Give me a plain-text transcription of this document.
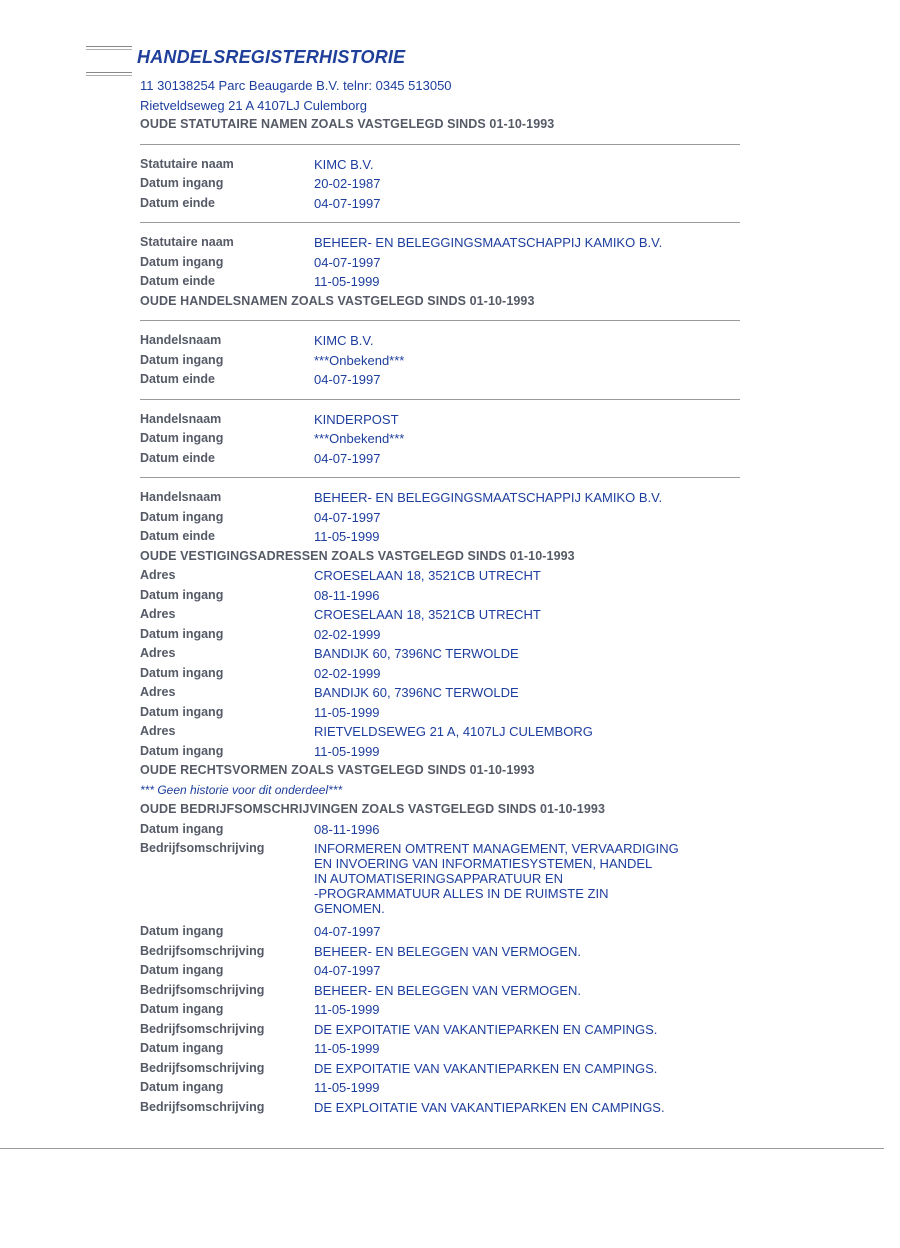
HANDELSREGISTERHISTORIE
11 30138254 Parc Beaugarde B.V. telnr: 0345 513050
Rietveldseweg 21 A 4107LJ Culemborg
OUDE STATUTAIRE NAMEN ZOALS VASTGELEGD SINDS 01-10-1993
Statutaire naam	KIMC B.V.
Datum ingang	20-02-1987
Datum einde	04-07-1997
Statutaire naam	BEHEER- EN BELEGGINGSMAATSCHAPPIJ KAMIKO B.V.
Datum ingang	04-07-1997
Datum einde	11-05-1999
OUDE HANDELSNAMEN ZOALS VASTGELEGD SINDS 01-10-1993
Handelsnaam	KIMC B.V.
Datum ingang	***Onbekend***
Datum einde	04-07-1997
Handelsnaam	KINDERPOST
Datum ingang	***Onbekend***
Datum einde	04-07-1997
Handelsnaam	BEHEER- EN BELEGGINGSMAATSCHAPPIJ KAMIKO B.V.
Datum ingang	04-07-1997
Datum einde	11-05-1999
OUDE VESTIGINGSADRESSEN ZOALS VASTGELEGD SINDS 01-10-1993
Adres	CROESELAAN 18, 3521CB UTRECHT
Datum ingang	08-11-1996
Adres	CROESELAAN 18, 3521CB UTRECHT
Datum ingang	02-02-1999
Adres	BANDIJK 60, 7396NC TERWOLDE
Datum ingang	02-02-1999
Adres	BANDIJK 60, 7396NC TERWOLDE
Datum ingang	11-05-1999
Adres	RIETVELDSEWEG 21 A, 4107LJ CULEMBORG
Datum ingang	11-05-1999
OUDE RECHTSVORMEN ZOALS VASTGELEGD SINDS 01-10-1993
*** Geen historie voor dit onderdeel***
OUDE BEDRIJFSOMSCHRIJVINGEN ZOALS VASTGELEGD SINDS 01-10-1993
Datum ingang	08-11-1996
Bedrijfsomschrijving	INFORMEREN OMTRENT MANAGEMENT, VERVAARDIGING
EN INVOERING VAN INFORMATIESYSTEMEN, HANDEL
IN AUTOMATISERINGSAPPARATUUR EN
-PROGRAMMATUUR ALLES IN DE RUIMSTE ZIN
GENOMEN.
Datum ingang	04-07-1997
Bedrijfsomschrijving	BEHEER- EN BELEGGEN VAN VERMOGEN.
Datum ingang	04-07-1997
Bedrijfsomschrijving	BEHEER- EN BELEGGEN VAN VERMOGEN.
Datum ingang	11-05-1999
Bedrijfsomschrijving	DE EXPOITATIE VAN VAKANTIEPARKEN EN CAMPINGS.
Datum ingang	11-05-1999
Bedrijfsomschrijving	DE EXPOITATIE VAN VAKANTIEPARKEN EN CAMPINGS.
Datum ingang	11-05-1999
Bedrijfsomschrijving	DE EXPLOITATIE VAN VAKANTIEPARKEN EN CAMPINGS.
